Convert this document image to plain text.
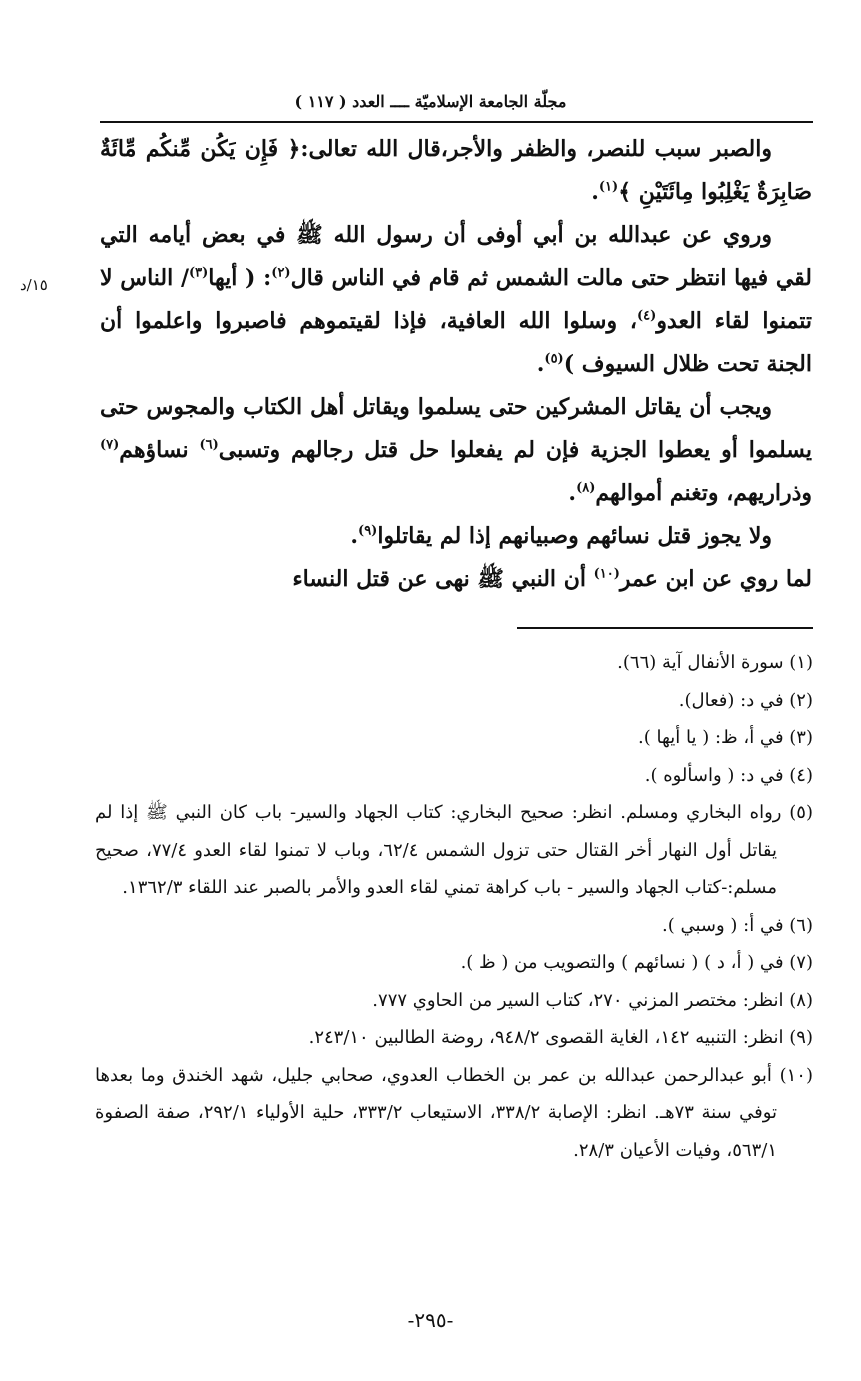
مجلّة الجامعة الإسلاميّة ــــ العدد ( ١١٧ )
١٥/د

والصبر سبب للنصر، والظفر والأجر،قال الله تعالى:﴿ فَإِن يَكُن مِّنكُم مِّائَةٌ صَابِرَةٌ يَغْلِبُوا مِائَتَيْنِ ﴾$^{(١)}$.

وروي عن عبدالله بن أبي أوفى أن رسول الله ﷺ في بعض أيامه التي لقي فيها انتظر حتى مالت الشمس ثم قام في الناس قال$^{(٢)}$: ( أيها$^{(٣)}$/ الناس لا تتمنوا لقاء العدو$^{(٤)}$، وسلوا الله العافية، فإذا لقيتموهم فاصبروا واعلموا أن الجنة تحت ظلال السيوف )$^{(٥)}$.

ويجب أن يقاتل المشركين حتى يسلموا ويقاتل أهل الكتاب والمجوس حتى يسلموا أو يعطوا الجزية فإن لم يفعلوا حل قتل رجالهم وتسبى$^{(٦)}$ نساؤهم$^{(٧)}$ وذراريهم، وتغنم أموالهم$^{(٨)}$.

ولا يجوز قتل نسائهم وصبيانهم إذا لم يقاتلوا$^{(٩)}$.

لما روي عن ابن عمر$^{(١٠)}$ أن النبي ﷺ نهى عن قتل النساء

(١) سورة الأنفال آية (٦٦).

(٢) في د: (فعال).

(٣) في أ، ظ: ( يا أيها ).

(٤) في د: ( واسألوه ).

(٥) رواه البخاري ومسلم. انظر: صحيح البخاري: كتاب الجهاد والسير- باب كان النبي ﷺ إذا لم يقاتل أول النهار أخر القتال حتى تزول الشمس ٦٢/٤، وباب لا تمنوا لقاء العدو ٧٧/٤، صحيح مسلم:-كتاب الجهاد والسير - باب كراهة تمني لقاء العدو والأمر بالصبر عند اللقاء ١٣٦٢/٣.

(٦) في أ: ( وسبي ).

(٧) في ( أ، د ) ( نسائهم ) والتصويب من ( ظ ).

(٨) انظر: مختصر المزني ٢٧٠، كتاب السير من الحاوي ٧٧٧.

(٩) انظر: التنبيه ١٤٢، الغاية القصوى ٩٤٨/٢، روضة الطالبين ٢٤٣/١٠.

(١٠) أبو عبدالرحمن عبدالله بن عمر بن الخطاب العدوي، صحابي جليل، شهد الخندق وما بعدها توفي سنة ٧٣هـ. انظر: الإصابة ٣٣٨/٢، الاستيعاب ٣٣٣/٢، حلية الأولياء ٢٩٢/١، صفة الصفوة ٥٦٣/١، وفيات الأعيان ٢٨/٣.

-٢٩٥-
